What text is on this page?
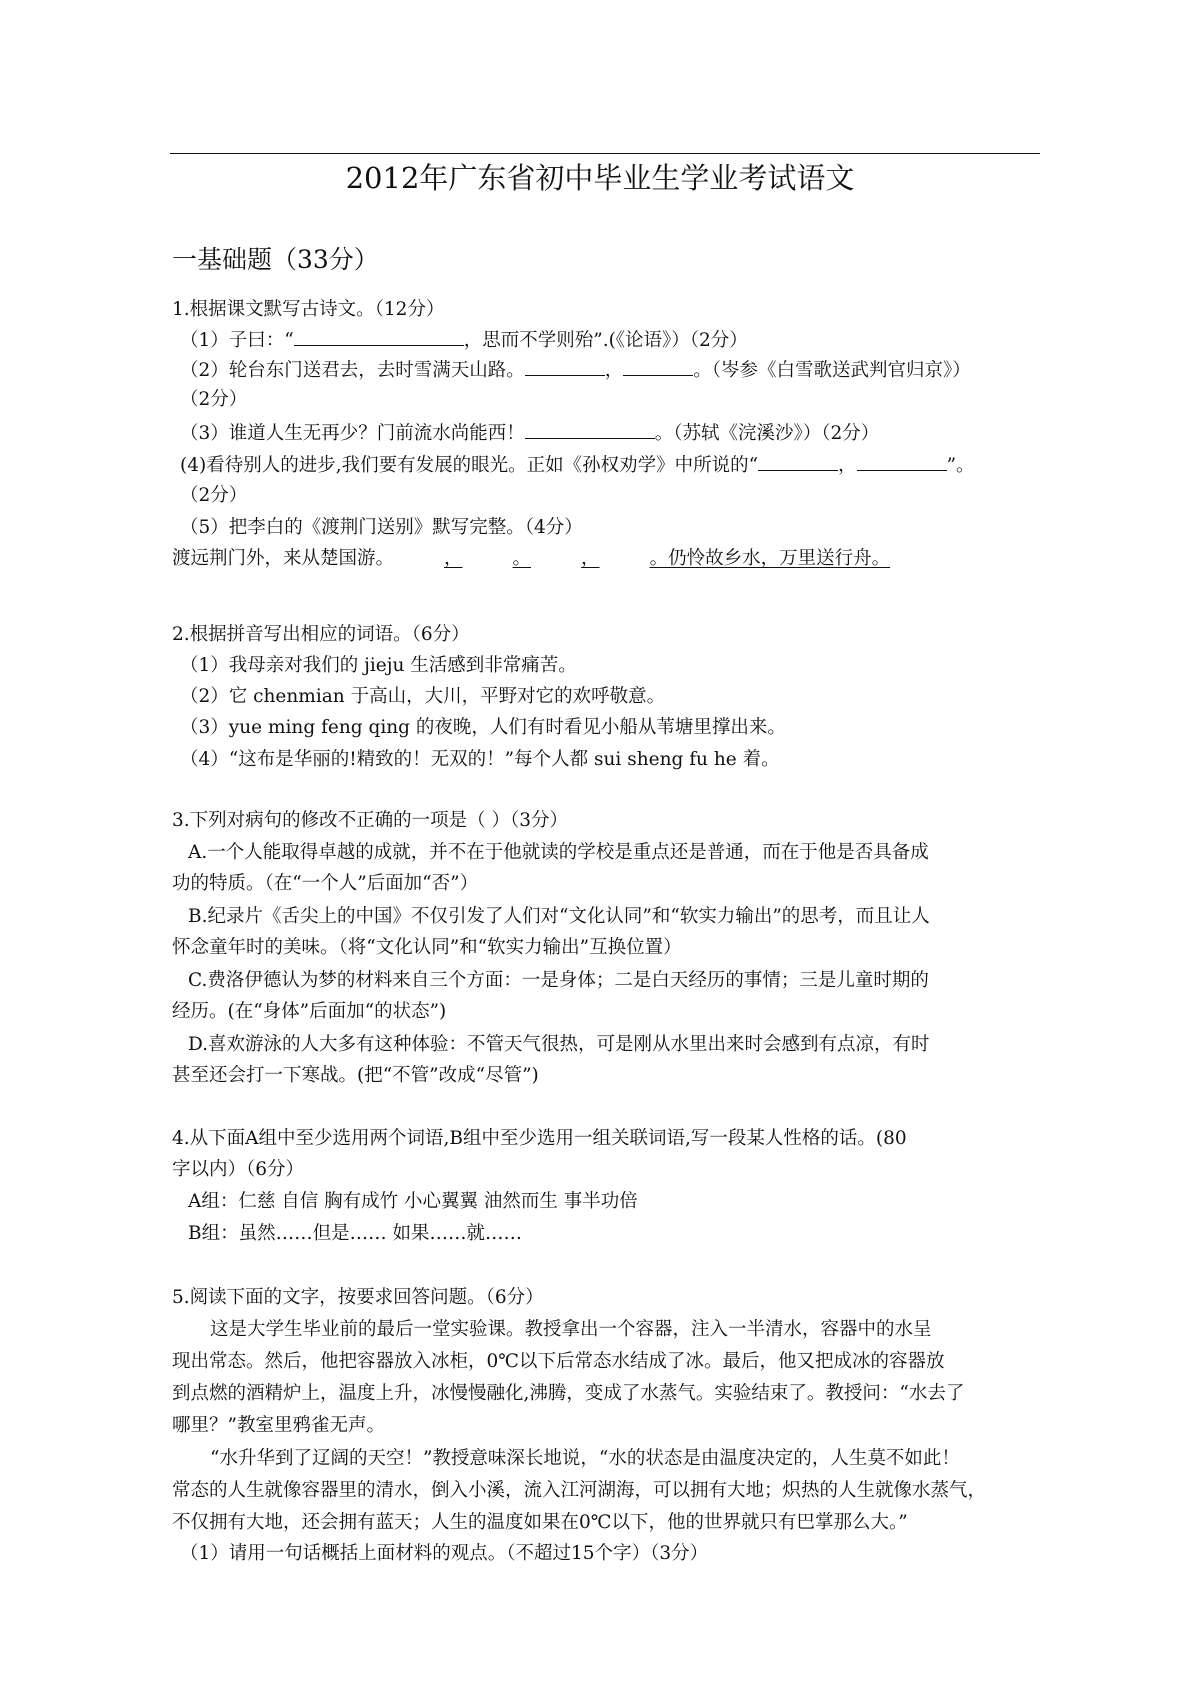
2012年广东省初中毕业生学业考试语文
一基础题（33分）
1.根据课文默写古诗文。（12分）
（1）子曰：“	，思而不学则殆”.(《论语》）（2分）
（2）轮台东门送君去，去时雪满天山路。	，	。（岑参《白雪歌送武判官归京》）
（2分）
（3）谁道人生无再少？门前流水尚能西！	。（苏轼《浣溪沙》）（2分）
(4)看待别人的进步,我们要有发展的眼光。正如《孙权劝学》中所说的“	，	”。
（2分）
（5）把李白的《渡荆门送别》默写完整。（4分）
渡远荆门外，来从楚国游。	，	。	，	。仍怜故乡水，万里送行舟。
2.根据拼音写出相应的词语。（6分）
（1）我母亲对我们的 jieju 生活感到非常痛苦。
（2）它 chenmian 于高山，大川，平野对它的欢呼敬意。
（3）yue ming feng qing 的夜晚，人们有时看见小船从苇塘里撑出来。
（4）“这布是华丽的!精致的！无双的！”每个人都 sui sheng fu he 着。
3.下列对病句的修改不正确的一项是（ ）（3分）
A.一个人能取得卓越的成就，并不在于他就读的学校是重点还是普通，而在于他是否具备成
功的特质。（在“一个人”后面加“否”）
B.纪录片《舌尖上的中国》不仅引发了人们对“文化认同”和“软实力输出”的思考，而且让人
怀念童年时的美味。（将“文化认同”和“软实力输出”互换位置）
C.费洛伊德认为梦的材料来自三个方面：一是身体；二是白天经历的事情；三是儿童时期的
经历。(在“身体”后面加“的状态”)
D.喜欢游泳的人大多有这种体验：不管天气很热，可是刚从水里出来时会感到有点凉，有时
甚至还会打一下寒战。(把“不管”改成“尽管”)
4.从下面A组中至少选用两个词语,B组中至少选用一组关联词语,写一段某人性格的话。(80
字以内）（6分）
A组：仁慈 自信 胸有成竹 小心翼翼 油然而生 事半功倍
B组：虽然……但是…… 如果……就……
5.阅读下面的文字，按要求回答问题。（6分）
这是大学生毕业前的最后一堂实验课。教授拿出一个容器，注入一半清水，容器中的水呈
现出常态。然后，他把容器放入冰柜，0℃以下后常态水结成了冰。最后，他又把成冰的容器放
到点燃的酒精炉上，温度上升，冰慢慢融化,沸腾，变成了水蒸气。实验结束了。教授问：“水去了
哪里？”教室里鸦雀无声。
“水升华到了辽阔的天空！”教授意味深长地说，“水的状态是由温度决定的，人生莫不如此！
常态的人生就像容器里的清水，倒入小溪，流入江河湖海，可以拥有大地；炽热的人生就像水蒸气，
不仅拥有大地，还会拥有蓝天；人生的温度如果在0℃以下，他的世界就只有巴掌那么大。”
（1）请用一句话概括上面材料的观点。（不超过15个字）（3分）
